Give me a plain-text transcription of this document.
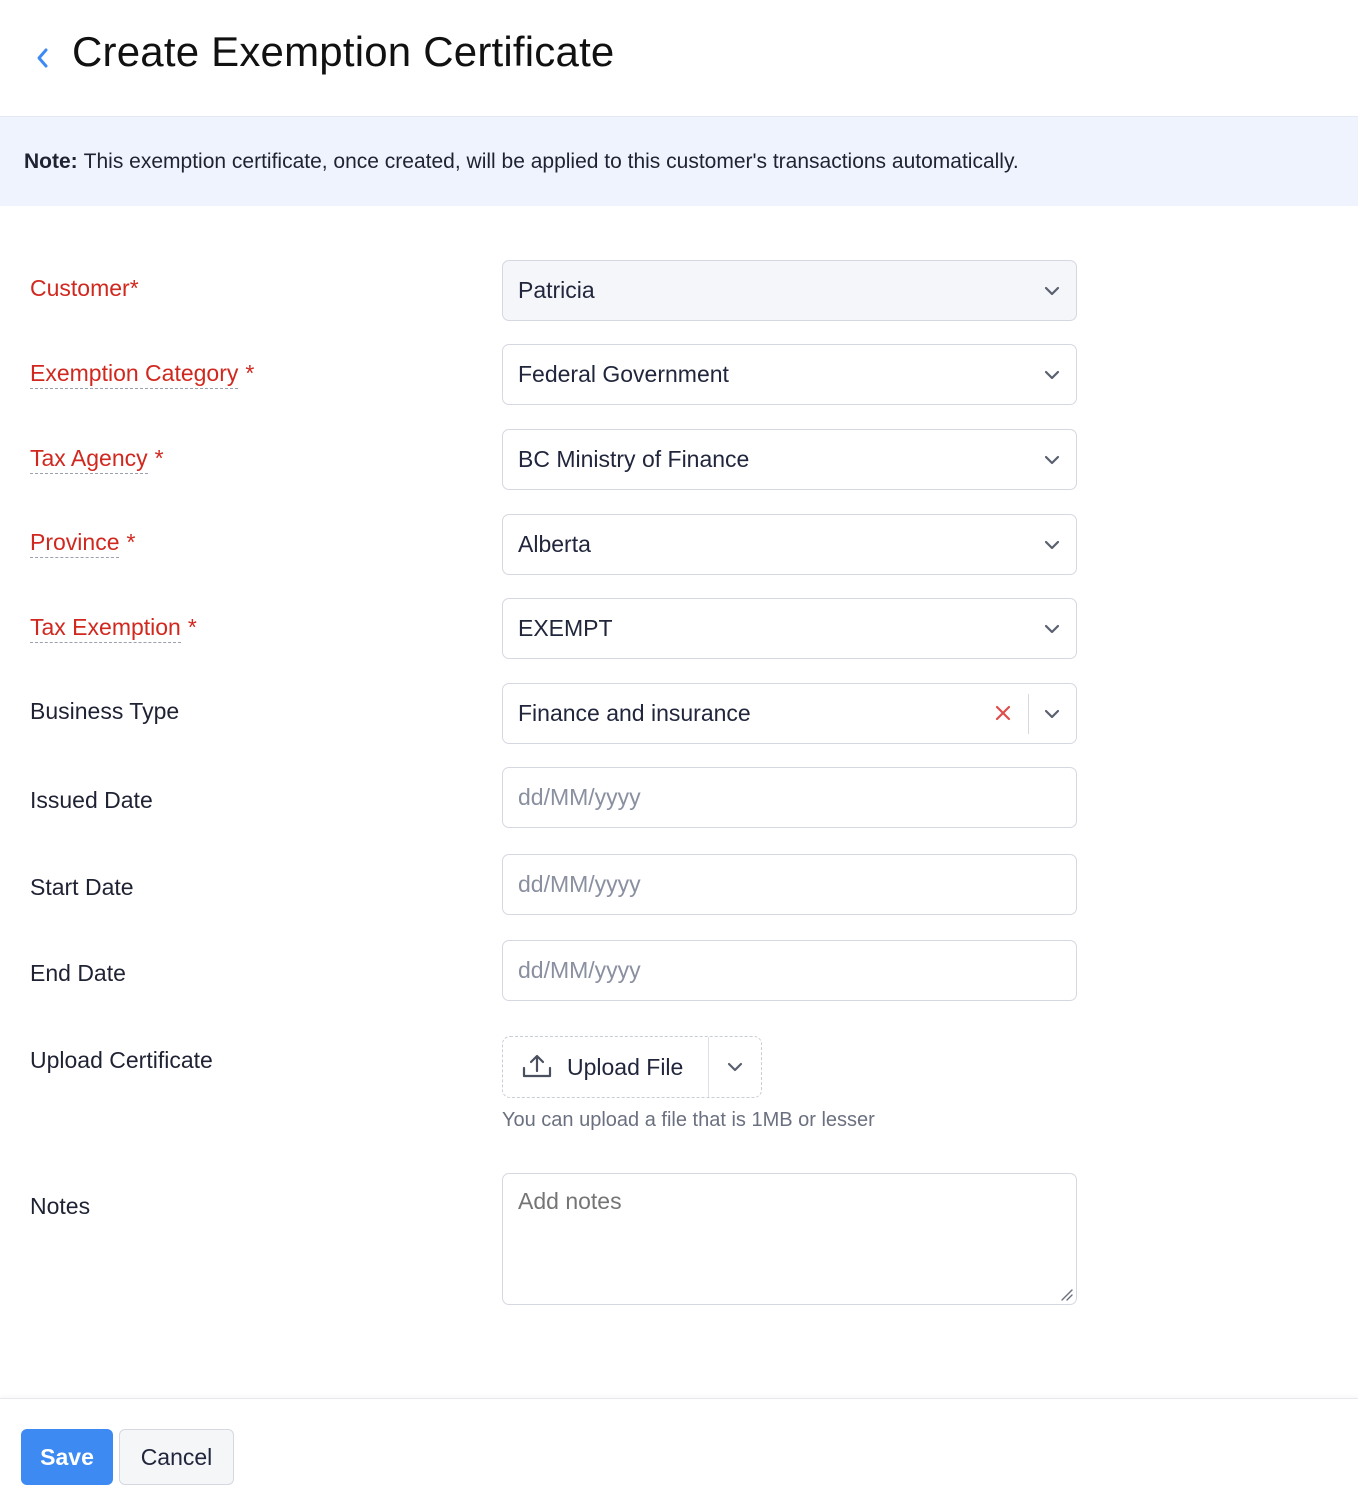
Create Exemption Certificate
Note: This exemption certificate, once created, will be applied to this customer's transactions automatically.
Customer*	Patricia
Exemption Category *	Federal Government
Tax Agency *	BC Ministry of Finance
Province *	Alberta
Tax Exemption *	EXEMPT
Business Type	Finance and insurance
Issued Date	dd/MM/yyyy
Start Date	dd/MM/yyyy
End Date	dd/MM/yyyy
Upload Certificate	Upload File
You can upload a file that is 1MB or lesser
Notes
Add notes
Save	Cancel
